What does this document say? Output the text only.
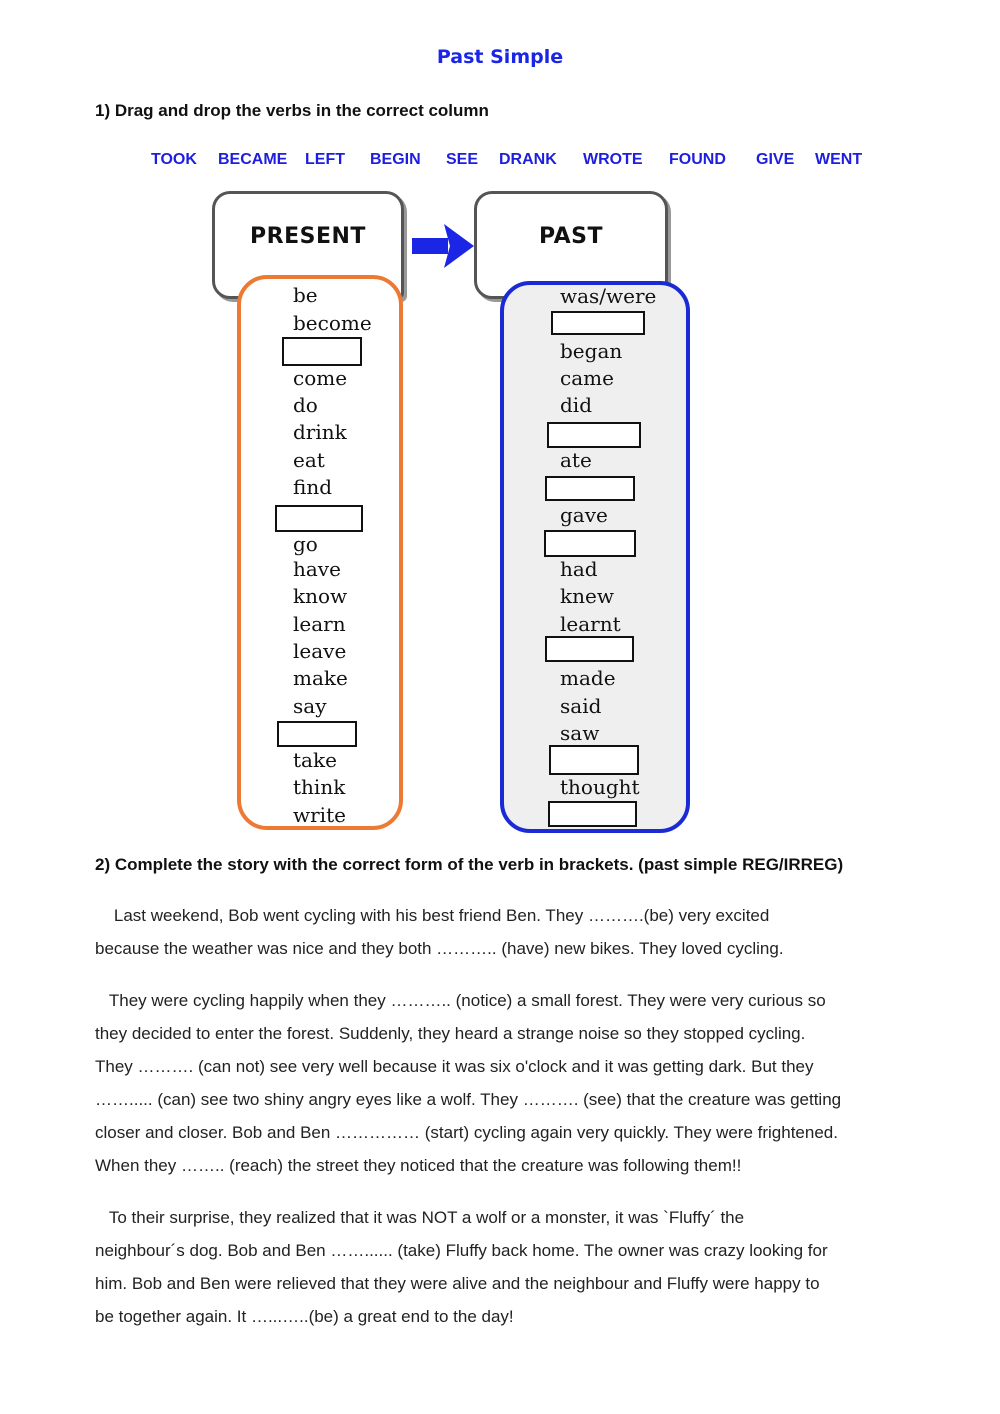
Past Simple
1) Drag and drop the verbs in the correct column
TOOK BECAME LEFT BEGIN SEE DRANK WROTE FOUND GIVE WENT
PRESENT	PAST
be
become
come
do
drink
eat
find
go
have
know
learn
leave
make
say
take
think
write
was/were
began
came
did
ate
gave
had
knew
learnt
made
said
saw
thought
2) Complete the story with the correct form of the verb in brackets. (past simple REG/IRREG)
Last weekend, Bob went cycling with his best friend Ben. They ……….(be) very excited
because the weather was nice and they both ……….. (have) new bikes. They loved cycling.
They were cycling happily when they ……….. (notice) a small forest. They were very curious so
they decided to enter the forest. Suddenly, they heard a strange noise so they stopped cycling.
They ………. (can not) see very well because it was six o'clock and it was getting dark. But they
……..... (can) see two shiny angry eyes like a wolf. They ………. (see) that the creature was getting
closer and closer. Bob and Ben …………… (start) cycling again very quickly. They were frightened.
When they …….. (reach) the street they noticed that the creature was following them!!
To their surprise, they realized that it was NOT a wolf or a monster, it was `Fluffy´ the
neighbour´s dog. Bob and Ben ……...... (take) Fluffy back home. The owner was crazy looking for
him. Bob and Ben were relieved that they were alive and the neighbour and Fluffy were happy to
be together again. It …...…..(be) a great end to the day!
